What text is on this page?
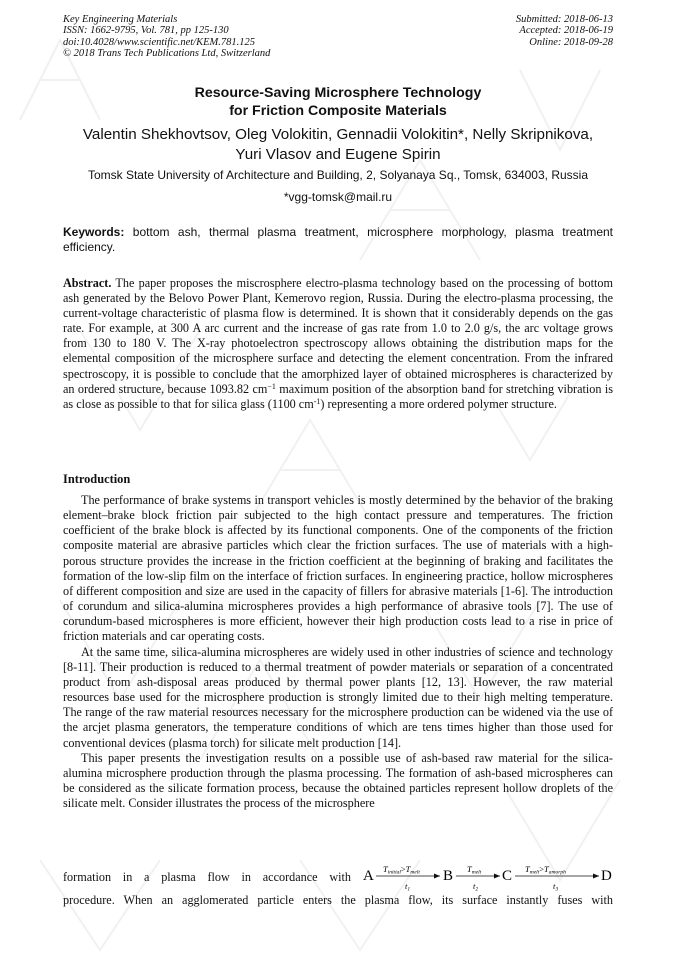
Key Engineering Materials
ISSN: 1662-9795, Vol. 781, pp 125-130
doi:10.4028/www.scientific.net/KEM.781.125
© 2018 Trans Tech Publications Ltd, Switzerland
Submitted: 2018-06-13
Accepted: 2018-06-19
Online: 2018-09-28
Resource-Saving Microsphere Technology
for Friction Composite Materials
Valentin Shekhovtsov, Oleg Volokitin, Gennadii Volokitin*, Nelly Skripnikova,
Yuri Vlasov and Eugene Spirin
Tomsk State University of Architecture and Building, 2, Solyanaya Sq., Tomsk, 634003, Russia
*vgg-tomsk@mail.ru
Keywords: bottom ash, thermal plasma treatment, microsphere morphology, plasma treatment efficiency.
Abstract. The paper proposes the miscrosphere electro-plasma technology based on the processing of bottom ash generated by the Belovo Power Plant, Kemerovo region, Russia. During the electro-plasma processing, the current-voltage characteristic of plasma flow is determined. It is shown that it considerably depends on the gas rate. For example, at 300 A arc current and the increase of gas rate from 1.0 to 2.0 g/s, the arc voltage grows from 130 to 180 V. The X-ray photoelectron spectroscopy allows obtaining the distribution maps for the elemental composition of the microsphere surface and detecting the element concentration. From the infrared spectroscopy, it is possible to conclude that the amorphized layer of obtained microspheres is characterized by an ordered structure, because 1093.82 $cm^{-1}$ maximum position of the absorption band for stretching vibration is as close as possible to that for silica glass (1100 $cm^{-1}$) representing a more ordered polymer structure.
Introduction

The performance of brake systems in transport vehicles is mostly determined by the behavior of the braking element–brake block friction pair subjected to the high contact pressure and temperatures. The friction coefficient of the brake block is affected by its functional components. One of the components of the friction composite material are abrasive particles which clear the friction surfaces. The use of materials with a high-porous structure provides the increase in the friction coefficient at the beginning of braking and facilitates the formation of the low-slip film on the interface of friction surfaces. In engineering practice, hollow microspheres of different composition and size are used in the capacity of fillers for abrasive materials [1-6]. The introduction of corundum and silica-alumina microspheres provides a high performance of abrasive tools [7]. The use of corundum-based microspheres is more efficient, however their high production costs lead to a rise in price of friction materials and car operating costs.

At the same time, silica-alumina microspheres are widely used in other industries of science and technology [8-11]. Their production is reduced to a thermal treatment of powder materials or separation of a concentrated product from ash-disposal areas produced by thermal power plants [12, 13]. However, the raw material resources base used for the microsphere production is strongly limited due to their high melting temperature. The range of the raw material resources necessary for the microsphere production can be widened via the use of the arcjet plasma generators, the temperature conditions of which are tens times higher than those used for conventional devices (plasma torch) for silicate melt production [14].

This paper presents the investigation results on a possible use of ash-based raw material for the silica-alumina microsphere production through the plasma processing. The formation of ash-based microspheres can be considered as the silicate formation process, because the obtained particles represent hollow droplets of the silicate melt. Consider illustrates the process of the microsphere

formation in a plasma flow in accordance with A Tinitial>Tmelt
t1
B Tmelt
t2
C Tmelt>Tamorph
t3
D
procedure. When an agglomerated particle enters the plasma flow, its surface instantly fuses with
